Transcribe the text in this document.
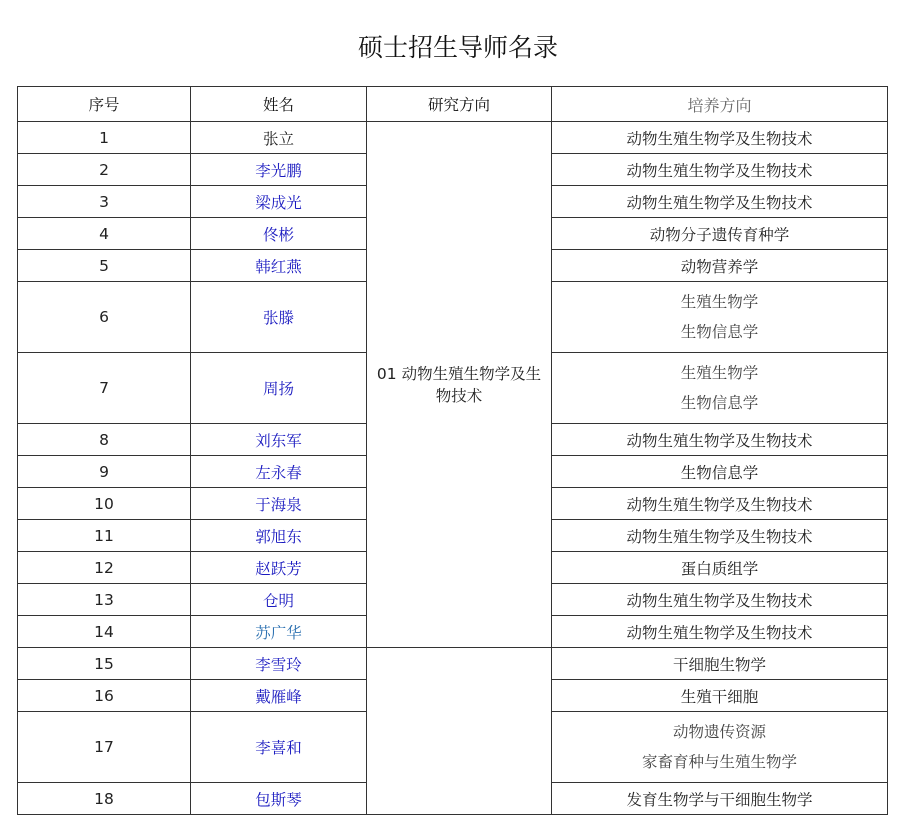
硕士招生导师名录
序号	姓名	研究方向	培养方向
1	张立	01 动物生殖生物学及生物技术	动物生殖生物学及生物技术
2	李光鹏		动物生殖生物学及生物技术
3	梁成光		动物生殖生物学及生物技术
4	佟彬		动物分子遗传育种学
5	韩红燕		动物营养学
6	张滕		生殖生物学
生物信息学

7	周扬		生殖生物学
生物信息学

8	刘东军		动物生殖生物学及生物技术
9	左永春		生物信息学
10	于海泉		动物生殖生物学及生物技术
11	郭旭东		动物生殖生物学及生物技术
12	赵跃芳		蛋白质组学
13	仓明		动物生殖生物学及生物技术
14	苏广华		动物生殖生物学及生物技术
15	李雪玲		干细胞生物学
16	戴雁峰		生殖干细胞
17	李喜和		动物遗传资源
家畜育种与生殖生物学

18	包斯琴		发育生物学与干细胞生物学
